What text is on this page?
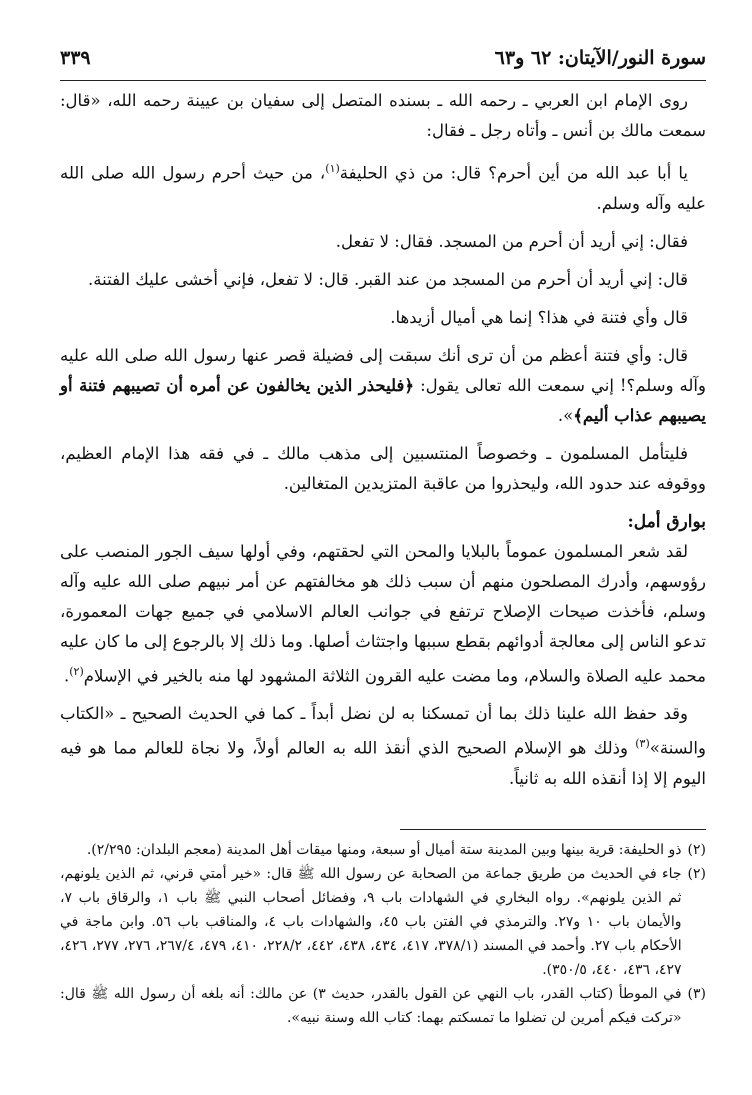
سورة النور/الآيتان: ٦٢ و٦٣
٣٣٩

روى الإمام ابن العربي ـ رحمه الله ـ بسنده المتصل إلى سفيان بن عيينة رحمه الله، «قال: سمعت مالك بن أنس ـ وأتاه رجل ـ فقال:

يا أبا عبد الله من أين أحرم؟ قال: من ذي الحليفة$^{(١)}$، من حيث أحرم رسول الله صلى الله عليه وآله وسلم.

فقال: إني أريد أن أحرم من المسجد. فقال: لا تفعل.

قال: إني أريد أن أحرم من المسجد من عند القبر. قال: لا تفعل، فإني أخشى عليك الفتنة.

قال وأي فتنة في هذا؟ إنما هي أميال أزيدها.

قال: وأي فتنة أعظم من أن ترى أنك سبقت إلى فضيلة قصر عنها رسول الله صلى الله عليه وآله وسلم؟! إني سمعت الله تعالى يقول: ﴿فليحذر الذين يخالفون عن أمره أن تصيبهم فتنة أو يصيبهم عذاب أليم﴾».

فليتأمل المسلمون ـ وخصوصاً المنتسبين إلى مذهب مالك ـ في فقه هذا الإمام العظيم، ووقوفه عند حدود الله، وليحذروا من عاقبة المتزيدين المتغالين.

بوارق أمل:

لقد شعر المسلمون عموماً بالبلايا والمحن التي لحقتهم، وفي أولها سيف الجور المنصب على رؤوسهم، وأدرك المصلحون منهم أن سبب ذلك هو مخالفتهم عن أمر نبيهم صلى الله عليه وآله وسلم، فأخذت صيحات الإصلاح ترتفع في جوانب العالم الاسلامي في جميع جهات المعمورة، تدعو الناس إلى معالجة أدوائهم بقطع سببها واجتثاث أصلها. وما ذلك إلا بالرجوع إلى ما كان عليه محمد عليه الصلاة والسلام، وما مضت عليه القرون الثلاثة المشهود لها منه بالخير في الإسلام$^{(٢)}$.

وقد حفظ الله علينا ذلك بما أن تمسكنا به لن نضل أبداً ـ كما في الحديث الصحيح ـ «الكتاب والسنة»$^{(٣)}$ وذلك هو الإسلام الصحيح الذي أنقذ الله به العالم أولاً، ولا نجاة للعالم مما هو فيه اليوم إلا إذا أنقذه الله به ثانياً.

(٢)
ذو الحليفة: قرية بينها وبين المدينة ستة أميال أو سبعة، ومنها ميقات أهل المدينة (معجم البلدان: ٢/٢٩٥).
(٢)
جاء في الحديث من طريق جماعة من الصحابة عن رسول الله ﷺ قال: «خير أمتي قرني، ثم الذين يلونهم، ثم الذين يلونهم». رواه البخاري في الشهادات باب ٩، وفضائل أصحاب النبي ﷺ باب ١، والرقاق باب ٧، والأيمان باب ١٠ و٢٧. والترمذي في الفتن باب ٤٥، والشهادات باب ٤، والمناقب باب ٥٦. وابن ماجة في الأحكام باب ٢٧. وأحمد في المسند (٣٧٨/١، ٤١٧، ٤٣٤، ٤٣٨، ٤٤٢، ٢٢٨/٢، ٤١٠، ٤٧٩، ٢٦٧/٤، ٢٧٦، ٢٧٧، ٤٢٦، ٤٢٧، ٤٣٦، ٤٤٠، ٣٥٠/٥).
(٣)
في الموطأ (كتاب القدر، باب النهي عن القول بالقدر، حديث ٣) عن مالك: أنه بلغه أن رسول الله ﷺ قال: «تركت فيكم أمرين لن تضلوا ما تمسكتم بهما: كتاب الله وسنة نبيه».
